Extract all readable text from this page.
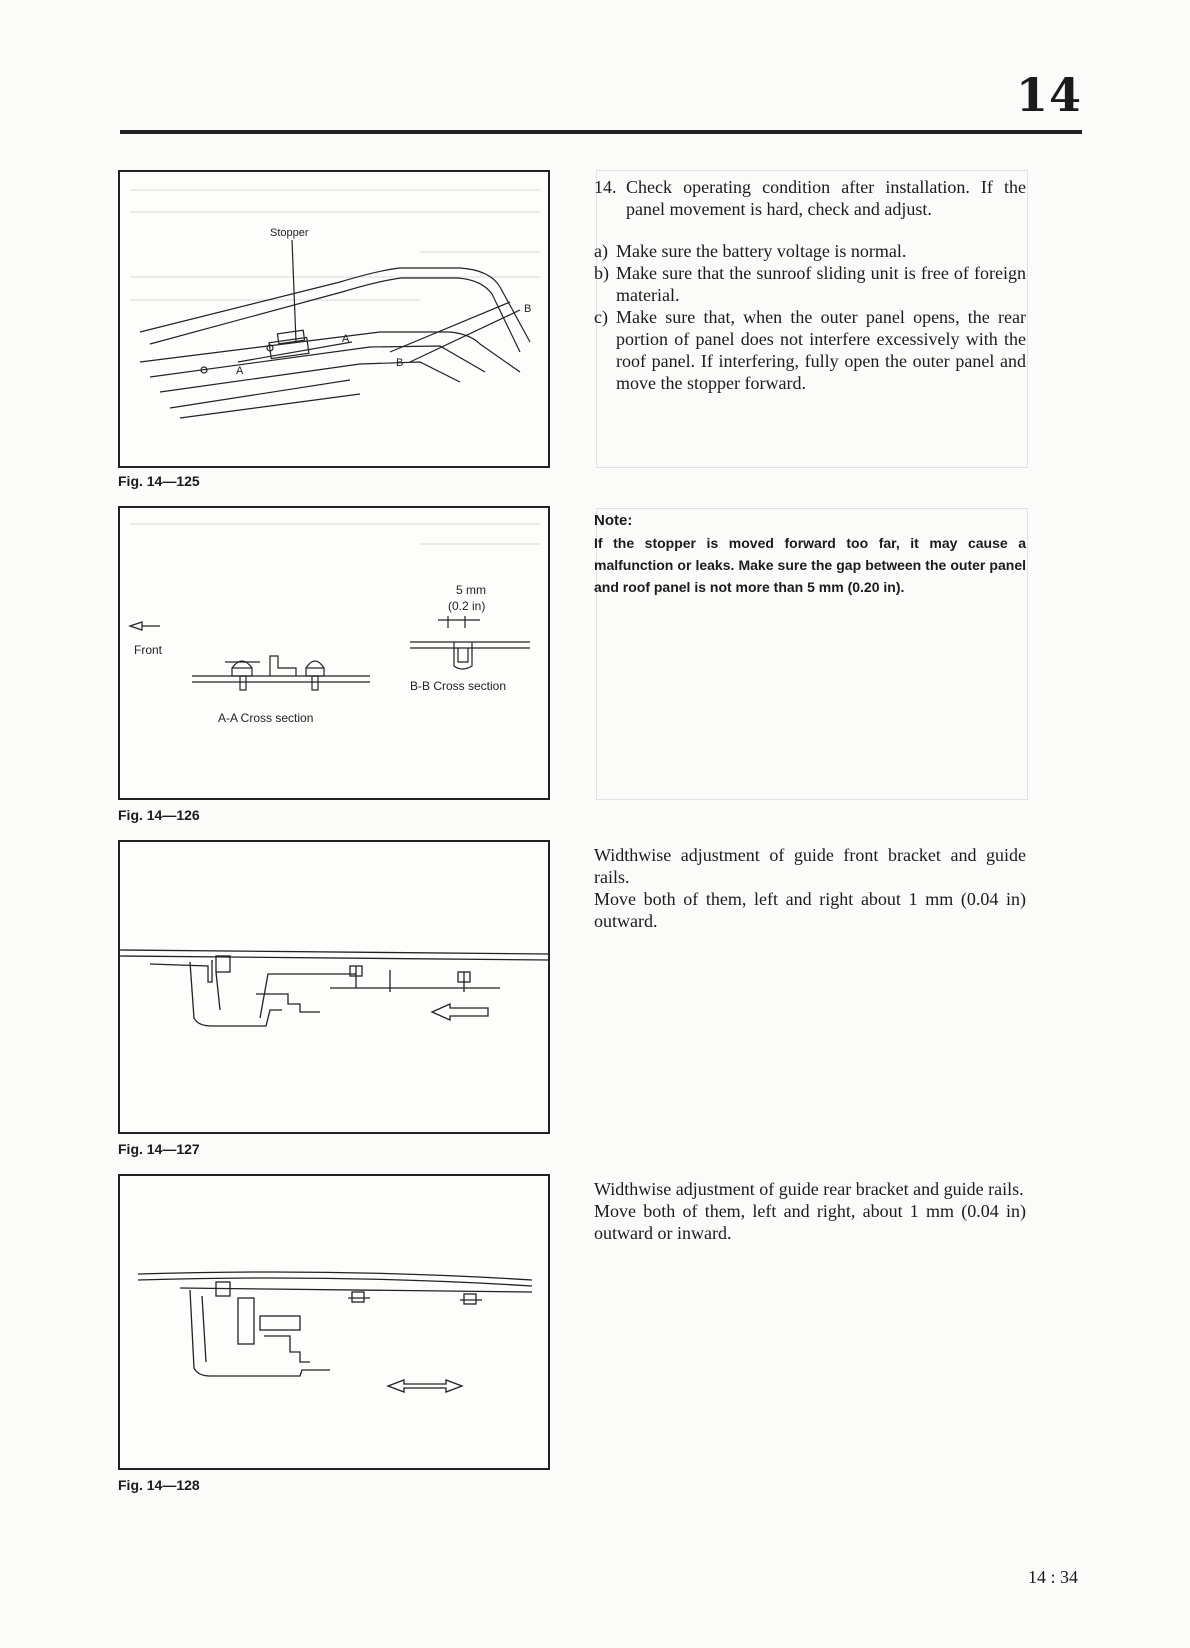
14
Stopper
A
A
B
B
Fig. 14—125
14. Check operating condition after installation. If the panel movement is hard, check and adjust.
a) Make sure the battery voltage is normal.
b) Make sure that the sunroof sliding unit is free of foreign material.
c) Make sure that, when the outer panel opens, the rear portion of panel does not interfere excessively with the roof panel. If interfering, fully open the outer panel and move the stopper forward.
5 mm
(0.2 in)
Front
B-B Cross section
A-A Cross section
Fig. 14—126
Note:
If the stopper is moved forward too far, it may cause a malfunction or leaks. Make sure the gap between the outer panel and roof panel is not more than 5 mm (0.20 in).
Fig. 14—127
Widthwise adjustment of guide front bracket and guide rails.
Move both of them, left and right about 1 mm (0.04 in) outward.
Fig. 14—128
Widthwise adjustment of guide rear bracket and guide rails.
Move both of them, left and right, about 1 mm (0.04 in) outward or inward.
14 : 34
